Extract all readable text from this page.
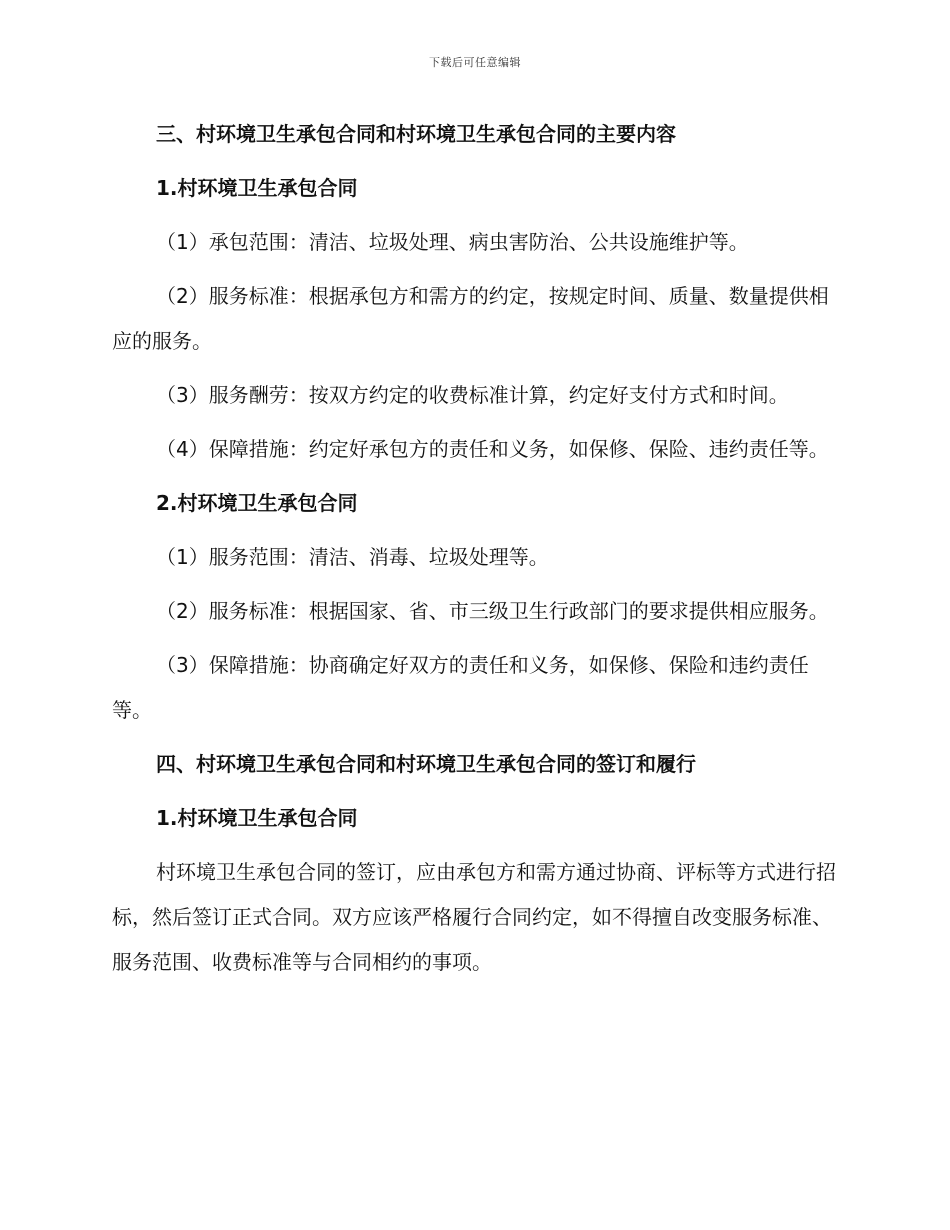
下载后可任意编辑
三、村环境卫生承包合同和村环境卫生承包合同的主要内容
1.村环境卫生承包合同

（1）承包范围：清洁、垃圾处理、病虫害防治、公共设施维护等。

（2）服务标准：根据承包方和需方的约定，按规定时间、质量、数量提供相应的服务。

（3）服务酬劳：按双方约定的收费标准计算，约定好支付方式和时间。

（4）保障措施：约定好承包方的责任和义务，如保修、保险、违约责任等。

2.村环境卫生承包合同

（1）服务范围：清洁、消毒、垃圾处理等。

（2）服务标准：根据国家、省、市三级卫生行政部门的要求提供相应服务。

（3）保障措施：协商确定好双方的责任和义务，如保修、保险和违约责任等。

四、村环境卫生承包合同和村环境卫生承包合同的签订和履行
1.村环境卫生承包合同

村环境卫生承包合同的签订，应由承包方和需方通过协商、评标等方式进行招标，然后签订正式合同。双方应该严格履行合同约定，如不得擅自改变服务标准、服务范围、收费标准等与合同相约的事项。
